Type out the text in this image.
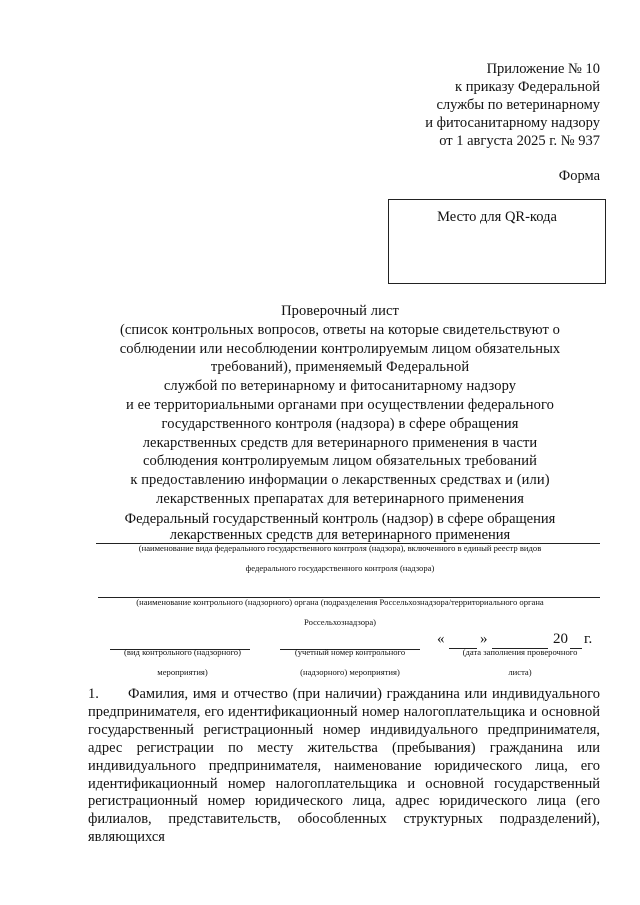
Приложение № 10
к приказу Федеральной
службы по ветеринарному
и фитосанитарному надзору
от 1 августа 2025 г. № 937
Форма
Место для QR-кода
Проверочный лист
(список контрольных вопросов, ответы на которые свидетельствуют о
соблюдении или несоблюдении контролируемым лицом обязательных
требований), применяемый Федеральной
службой по ветеринарному и фитосанитарному надзору
и ее территориальными органами при осуществлении федерального
государственного контроля (надзора) в сфере обращения
лекарственных средств для ветеринарного применения в части
соблюдения контролируемым лицом обязательных требований
к предоставлению информации о лекарственных средствах и (или)
лекарственных препаратах для ветеринарного применения
Федеральный государственный контроль (надзор) в сфере обращения
лекарственных средств для ветеринарного применения
(наименование вида федерального государственного контроля (надзора), включенного в единый реестр видов
федерального государственного контроля (надзора)
(наименование контрольного (надзорного) органа (подразделения Россельхознадзора/территориального органа
Россельхознадзора)
(вид контрольного (надзорного)
мероприятия)
(учетный номер контрольного
(надзорного) мероприятия)
« »	20 г.
(дата заполнения проверочного
листа)
1.	Фамилия, имя и отчество (при наличии) гражданина или индивидуального предпринимателя, его идентификационный номер налогоплательщика и основной государственный регистрационный номер индивидуального предпринимателя, адрес регистрации по месту жительства (пребывания) гражданина или индивидуального предпринимателя, наименование юридического лица, его идентификационный номер налогоплательщика и основной государственный регистрационный номер юридического лица, адрес юридического лица (его филиалов, представительств, обособленных структурных подразделений), являющихся
